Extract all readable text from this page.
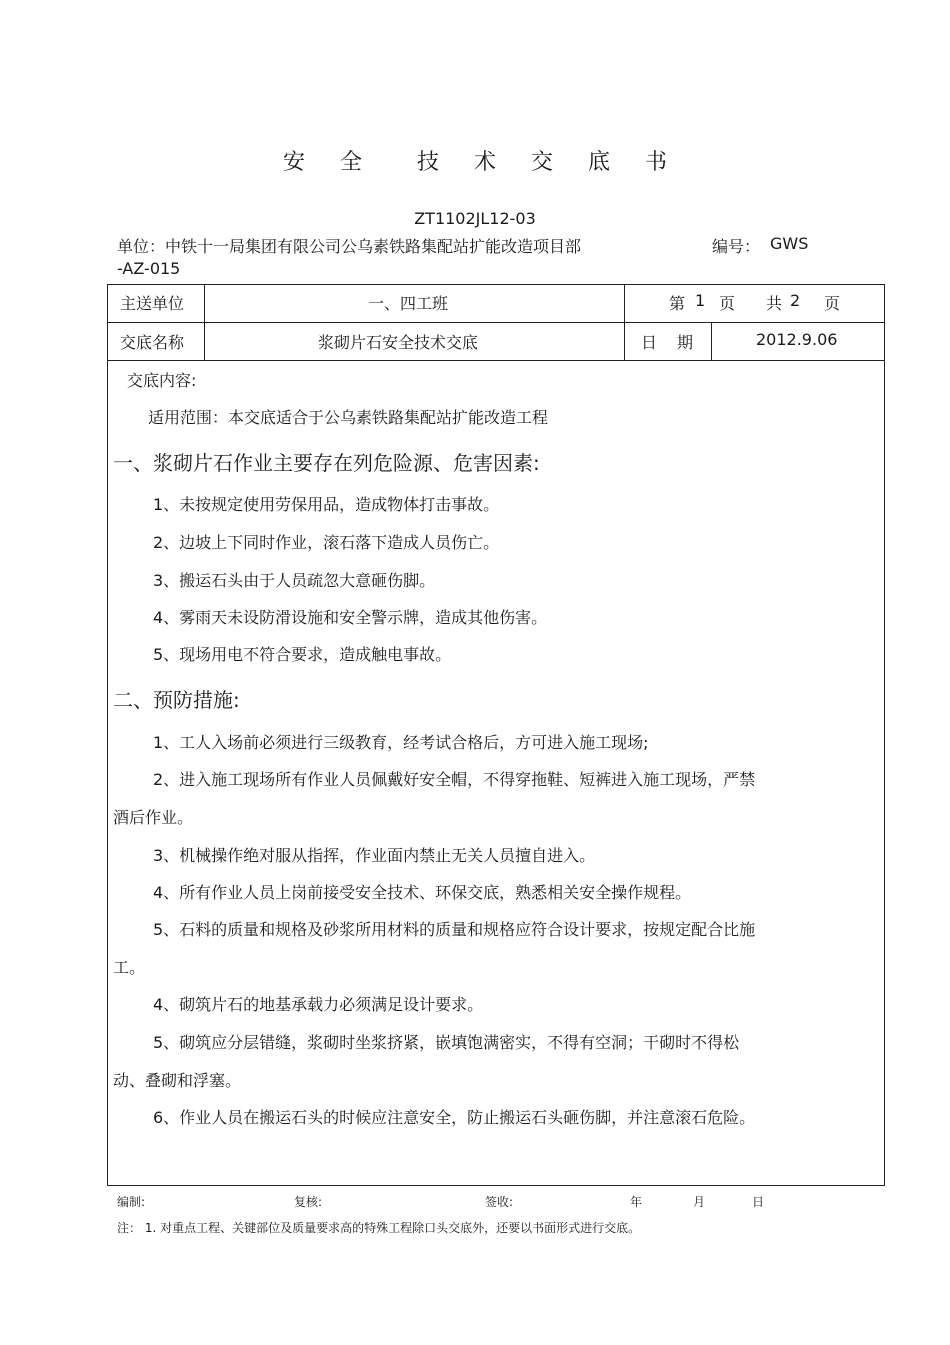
安 全	技 术 交 底 书
ZT1102JL12-03
单位：中铁十一局集团有限公司公乌素铁路集配站扩能改造项目部	编号： GWS
-AZ-015
主送单位	一、四工班	第 1 页 共 2 页
交底名称	浆砌片石安全技术交底	日 期	2012.9.06
交底内容:
适用范围：本交底适合于公乌素铁路集配站扩能改造工程
一、浆砌片石作业主要存在列危险源、危害因素:
1、未按规定使用劳保用品，造成物体打击事故。
2、边坡上下同时作业，滚石落下造成人员伤亡。
3、搬运石头由于人员疏忽大意砸伤脚。
4、雾雨天未设防滑设施和安全警示牌，造成其他伤害。
5、现场用电不符合要求，造成触电事故。
二、预防措施:
1、工人入场前必须进行三级教育，经考试合格后，方可进入施工现场;
2、进入施工现场所有作业人员佩戴好安全帽，不得穿拖鞋、短裤进入施工现场，严禁
酒后作业。
3、机械操作绝对服从指挥，作业面内禁止无关人员擅自进入。
4、所有作业人员上岗前接受安全技术、环保交底，熟悉相关安全操作规程。
5、石料的质量和规格及砂浆所用材料的质量和规格应符合设计要求，按规定配合比施
工。
4、砌筑片石的地基承载力必须满足设计要求。
5、砌筑应分层错缝，浆砌时坐浆挤紧，嵌填饱满密实，不得有空洞；干砌时不得松
动、叠砌和浮塞。
6、作业人员在搬运石头的时候应注意安全，防止搬运石头砸伤脚，并注意滚石危险。
编制:	复核:	签收:	年	月	日
注： 1. 对重点工程、关键部位及质量要求高的特殊工程除口头交底外，还要以书面形式进行交底。
